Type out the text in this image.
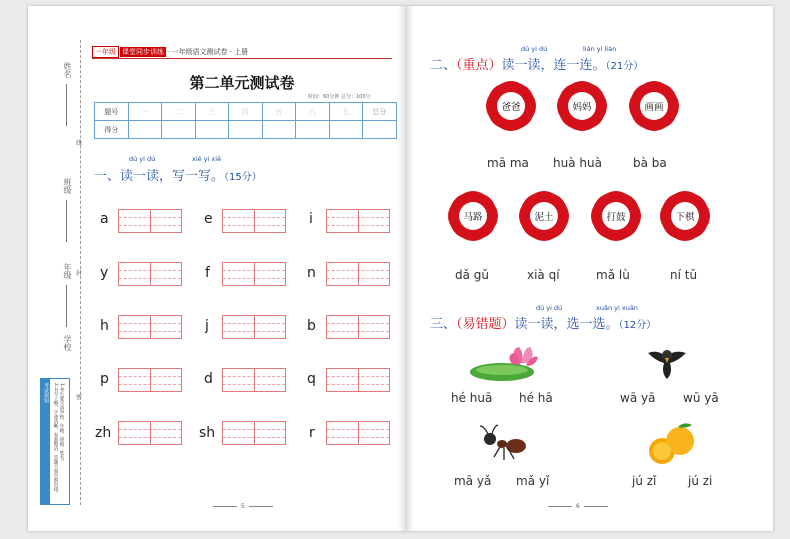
姓名
班级
年级
学校
线
封
密
考试须知	1.考生要写清学校、年级、班级、姓名。
2.书写工整，字迹清晰，卷面整洁，答题不超出密封线。
一年级 课堂同步训练 · 一年级语文测试卷 · 上册
第二单元测试卷
时间：60分钟 总分：100分
题号	一	二	三	四	五	六	七	总分
得分								
dú yi dú	xiě yi xiě
一、读一读，写一写。（15分）
a	e	i
y	f	n
h	j	b
p	d	q
zh	sh	r
5
dú yi dú	lián yi lián
二、（重点）读一读，连一连。（21分）
爸爸	妈妈	画画
mā ma huà huà	bà ba
马路	泥土	打鼓	下棋
dǎ gǔ	xià qí	mǎ lù	ní tǔ
dú yi dú	xuǎn yi xuǎn
三、（易错题）读一读，选一选。（12分）
hé huā hé hā	wā yā wū yā
mā yǎ mǎ yǐ	jú zǐ	jú zi
6
